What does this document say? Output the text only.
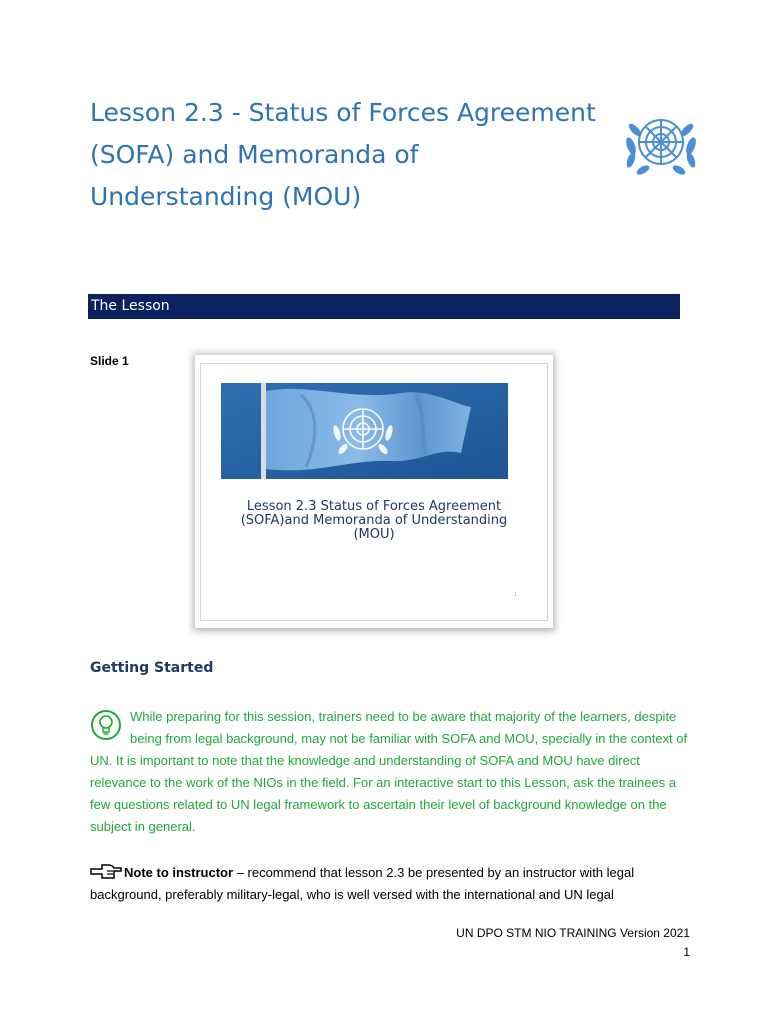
Lesson 2.3 - Status of Forces Agreement (SOFA) and Memoranda of Understanding (MOU)
The Lesson
Slide 1
Lesson 2.3 Status of Forces Agreement (SOFA)and Memoranda of Understanding (MOU)
1
Getting Started

While preparing for this session, trainers need to be aware that majority of the learners, despite being from legal background, may not be familiar with SOFA and MOU, specially in the context of UN. It is important to note that the knowledge and understanding of SOFA and MOU have direct relevance to the work of the NIOs in the field. For an interactive start to this Lesson, ask the trainees a few questions related to UN legal framework to ascertain their level of background knowledge on the subject in general.

Note to instructor – recommend that lesson 2.3 be presented by an instructor with legal background, preferably military-legal, who is well versed with the international and UN legal

UN DPO STM NIO TRAINING Version 2021
1
